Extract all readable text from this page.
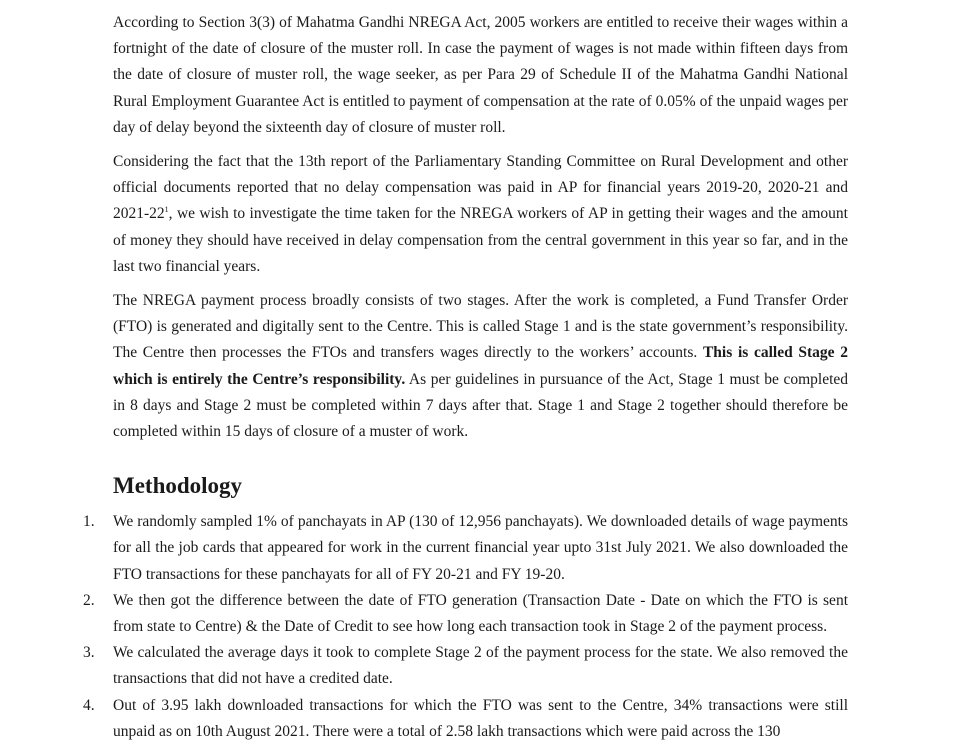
According to Section 3(3) of Mahatma Gandhi NREGA Act, 2005 workers are entitled to receive their wages within a fortnight of the date of closure of the muster roll. In case the payment of wages is not made within fifteen days from the date of closure of muster roll, the wage seeker, as per Para 29 of Schedule II of the Mahatma Gandhi National Rural Employment Guarantee Act is entitled to payment of compensation at the rate of 0.05% of the unpaid wages per day of delay beyond the sixteenth day of closure of muster roll.

Considering the fact that the 13th report of the Parliamentary Standing Committee on Rural Development and other official documents reported that no delay compensation was paid in AP for financial years 2019-20, 2020-21 and $2021-22^1$, we wish to investigate the time taken for the NREGA workers of AP in getting their wages and the amount of money they should have received in delay compensation from the central government in this year so far, and in the last two financial years.

The NREGA payment process broadly consists of two stages. After the work is completed, a Fund Transfer Order (FTO) is generated and digitally sent to the Centre. This is called Stage 1 and is the state government’s responsibility. The Centre then processes the FTOs and transfers wages directly to the workers’ accounts. This is called Stage 2 which is entirely the Centre’s responsibility. As per guidelines in pursuance of the Act, Stage 1 must be completed in 8 days and Stage 2 must be completed within 7 days after that. Stage 1 and Stage 2 together should therefore be completed within 15 days of closure of a muster of work.

Methodology
1.	We randomly sampled 1% of panchayats in AP (130 of 12,956 panchayats). We downloaded details of wage payments for all the job cards that appeared for work in the current financial year upto 31st July 2021. We also downloaded the FTO transactions for these panchayats for all of FY 20-21 and FY 19-20.
2.	We then got the difference between the date of FTO generation (Transaction Date - Date on which the FTO is sent from state to Centre) & the Date of Credit to see how long each transaction took in Stage 2 of the payment process.
3.	We calculated the average days it took to complete Stage 2 of the payment process for the state. We also removed the transactions that did not have a credited date.
4.	Out of 3.95 lakh downloaded transactions for which the FTO was sent to the Centre, 34% transactions were still unpaid as on 10th August 2021. There were a total of 2.58 lakh transactions which were paid across the 130
